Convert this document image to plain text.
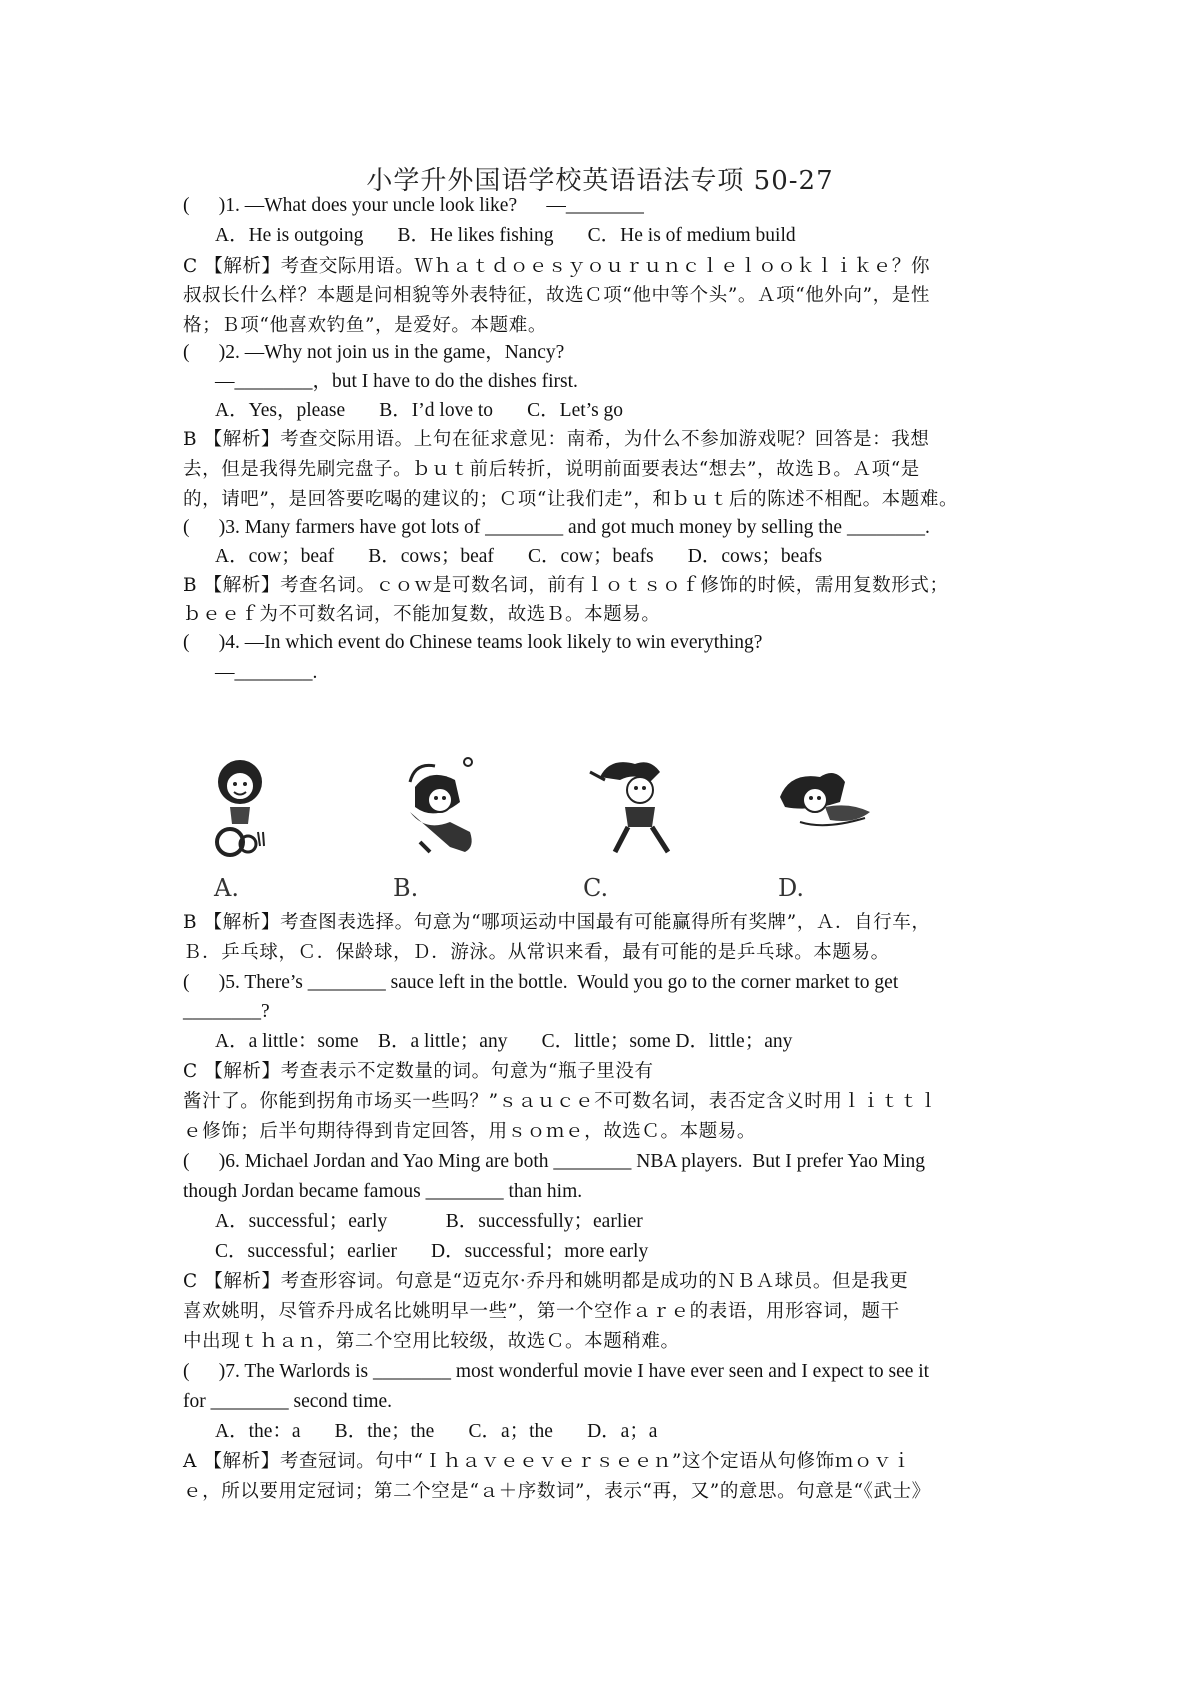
小学升外国语学校英语语法专项 50-27
(      )1. —What does your uncle look like?      —________
A．He is outgoing       B．He likes fishing       C．He is of medium build
C 【解析】考查交际用语。Ｗｈａｔｄｏｅｓｙｏｕｒｕｎｃｌｅｌｏｏｋｌｉｋｅ？你
叔叔长什么样？本题是问相貌等外表特征，故选Ｃ项“他中等个头”。Ａ项“他外向”，是性
格；Ｂ项“他喜欢钓鱼”，是爱好。本题难。
(      )2. —Why not join us in the game，Nancy?
—________，but I have to do the dishes first.
A．Yes，please       B．I’d love to       C．Let’s go
B 【解析】考查交际用语。上句在征求意见：南希，为什么不参加游戏呢？回答是：我想
去，但是我得先刷完盘子。ｂｕｔ前后转折，说明前面要表达“想去”，故选Ｂ。Ａ项“是
的，请吧”，是回答要吃喝的建议的；Ｃ项“让我们走”，和ｂｕｔ后的陈述不相配。本题难。
(      )3. Many farmers have got lots of ________ and got much money by selling the ________.
A．cow；beaf       B．cows；beaf       C．cow；beafs       D．cows；beafs
B 【解析】考查名词。ｃｏｗ是可数名词，前有ｌｏｔｓｏｆ修饰的时候，需用复数形式；
ｂｅｅｆ为不可数名词，不能加复数，故选Ｂ。本题易。
(      )4. —In which event do Chinese teams look likely to win everything?
—________.
A.	B.	C.	D.
B 【解析】考查图表选择。句意为“哪项运动中国最有可能赢得所有奖牌”，Ａ．自行车，
Ｂ．乒乓球，Ｃ．保龄球，Ｄ．游泳。从常识来看，最有可能的是乒乓球。本题易。
(      )5. There’s ________ sauce left in the bottle.  Would you go to the corner market to get
________?
A．a little：some    B．a little；any       C．little；some D．little；any
C 【解析】考查表示不定数量的词。句意为“瓶子里没有
酱汁了。你能到拐角市场买一些吗？”ｓａｕｃｅ不可数名词，表否定含义时用ｌｉｔｔｌ
ｅ修饰；后半句期待得到肯定回答，用ｓｏｍｅ，故选Ｃ。本题易。
(      )6. Michael Jordan and Yao Ming are both ________ NBA players.  But I prefer Yao Ming
though Jordan became famous ________ than him.
A．successful；early            B．successfully；earlier
C．successful；earlier       D．successful；more early
C 【解析】考查形容词。句意是“迈克尔·乔丹和姚明都是成功的ＮＢＡ球员。但是我更
喜欢姚明，尽管乔丹成名比姚明早一些”，第一个空作ａｒｅ的表语，用形容词，题干
中出现ｔｈａｎ，第二个空用比较级，故选Ｃ。本题稍难。
(      )7. The Warlords is ________ most wonderful movie I have ever seen and I expect to see it
for ________ second time.
A．the：a       B．the；the       C．a；the       D．a；a
A 【解析】考查冠词。句中“Ｉｈａｖｅｅｖｅｒｓｅｅｎ”这个定语从句修饰ｍｏｖｉ
ｅ，所以要用定冠词；第二个空是“ａ＋序数词”，表示“再，又”的意思。句意是“《武士》
